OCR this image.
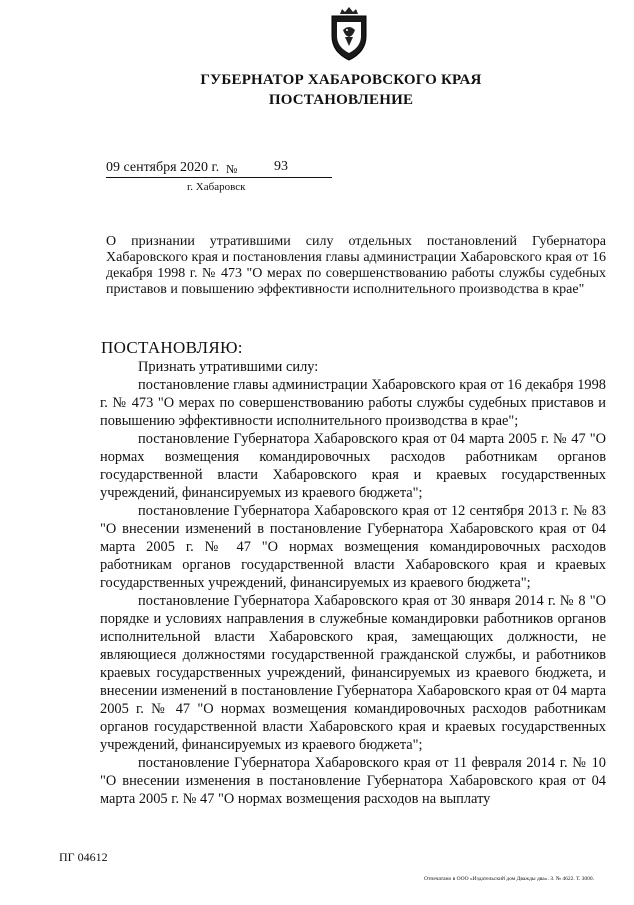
ГУБЕРНАТОР ХАБАРОВСКОГО КРАЯ
ПОСТАНОВЛЕНИЕ
09 сентября 2020 г. №	93
г. Хабаровск
О признании утратившими силу отдельных постановлений Губернатора Хабаровского края и постановления главы администрации Хабаровского края от 16 декабря 1998 г. № 473 "О мерах по совершенствованию работы службы судебных приставов и повышению эффективности исполнительного производства в крае"
ПОСТАНОВЛЯЮ:

Признать утратившими силу:

постановление главы администрации Хабаровского края от 16 декабря 1998 г. № 473 "О мерах по совершенствованию работы службы судебных приставов и повышению эффективности исполнительного производства в крае";

постановление Губернатора Хабаровского края от 04 марта 2005 г. № 47 "О нормах возмещения командировочных расходов работникам органов государственной власти Хабаровского края и краевых государственных учреждений, финансируемых из краевого бюджета";

постановление Губернатора Хабаровского края от 12 сентября 2013 г. № 83 "О внесении изменений в постановление Губернатора Хабаровского края от 04 марта 2005 г. № 47 "О нормах возмещения командировочных расходов работникам органов государственной власти Хабаровского края и краевых государственных учреждений, финансируемых из краевого бюджета";

постановление Губернатора Хабаровского края от 30 января 2014 г. № 8 "О порядке и условиях направления в служебные командировки работников органов исполнительной власти Хабаровского края, замещающих должности, не являющиеся должностями государственной гражданской службы, и работников краевых государственных учреждений, финансируемых из краевого бюджета, и внесении изменений в постановление Губернатора Хабаровского края от 04 марта 2005 г. № 47 "О нормах возмещения командировочных расходов работникам органов государственной власти Хабаровского края и краевых государственных учреждений, финансируемых из краевого бюджета";

постановление Губернатора Хабаровского края от 11 февраля 2014 г. № 10 "О внесении изменения в постановление Губернатора Хабаровского края от 04 марта 2005 г. № 47 "О нормах возмещения расходов на выплату

ПГ 04612
Отпечатано в ООО «Издательский дом Дважды два». З. № 4622. Т. 3000.
